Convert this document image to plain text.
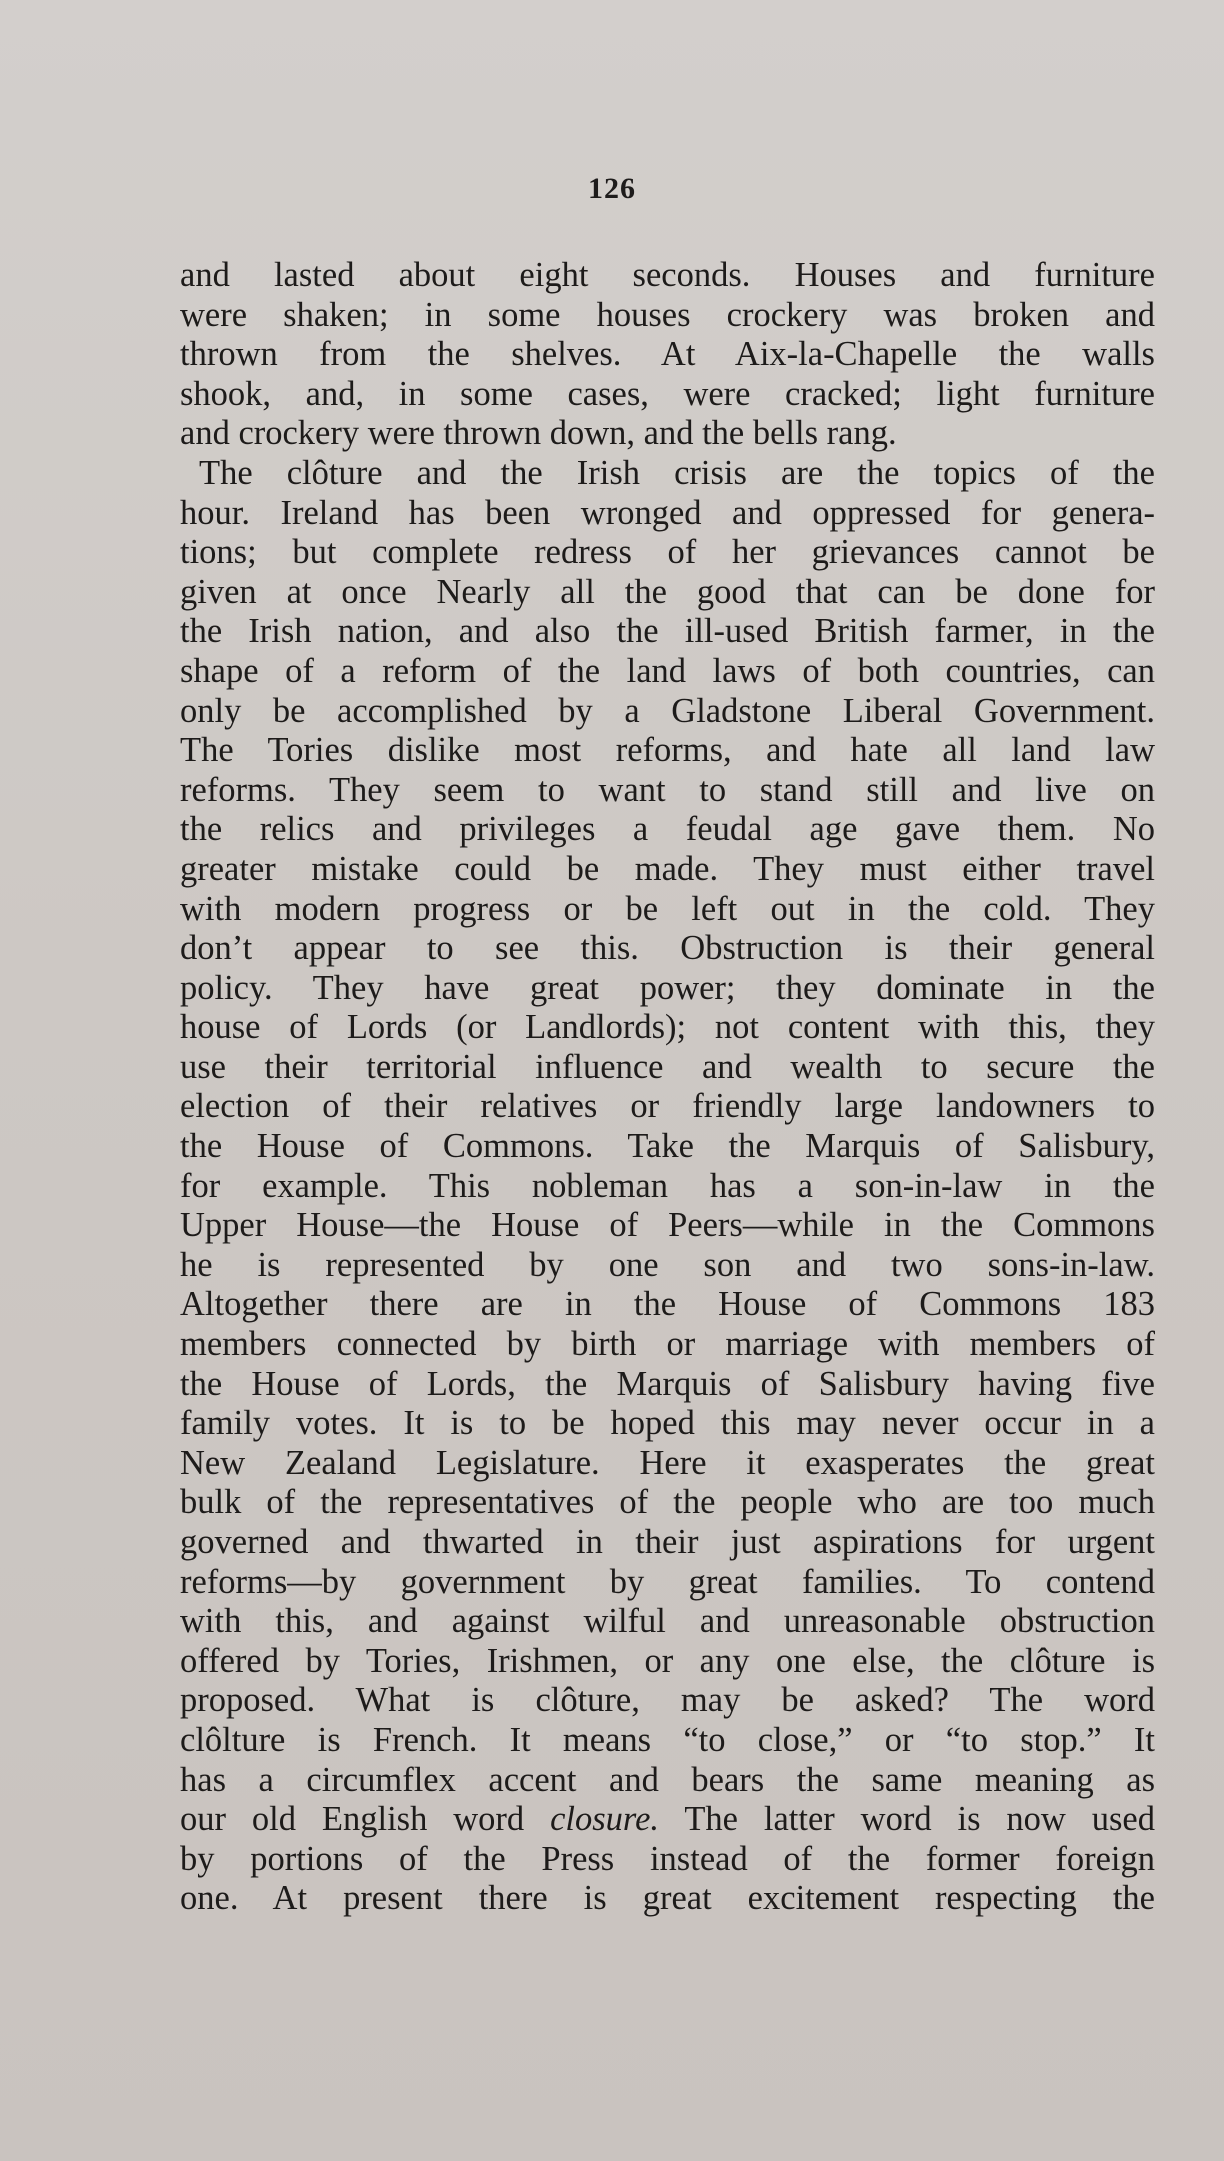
126
and lasted about eight seconds. Houses and furniture
were shaken; in some houses crockery was broken and
thrown from the shelves. At Aix-la-Chapelle the walls
shook, and, in some cases, were cracked; light furniture
and crockery were thrown down, and the bells rang.
The clôture and the Irish crisis are the topics of the
hour. Ireland has been wronged and oppressed for genera-
tions; but complete redress of her grievances cannot be
given at once Nearly all the good that can be done for
the Irish nation, and also the ill-used British farmer, in the
shape of a reform of the land laws of both countries, can
only be accomplished by a Gladstone Liberal Government.
The Tories dislike most reforms, and hate all land law
reforms. They seem to want to stand still and live on
the relics and privileges a feudal age gave them. No
greater mistake could be made. They must either travel
with modern progress or be left out in the cold. They
don’t appear to see this. Obstruction is their general
policy. They have great power; they dominate in the
house of Lords (or Landlords); not content with this, they
use their territorial influence and wealth to secure the
election of their relatives or friendly large landowners to
the House of Commons. Take the Marquis of Salisbury,
for example. This nobleman has a son-in-law in the
Upper House—the House of Peers—while in the Commons
he is represented by one son and two sons-in-law.
Altogether there are in the House of Commons 183
members connected by birth or marriage with members of
the House of Lords, the Marquis of Salisbury having five
family votes. It is to be hoped this may never occur in a
New Zealand Legislature. Here it exasperates the great
bulk of the representatives of the people who are too much
governed and thwarted in their just aspirations for urgent
reforms—by government by great families. To contend
with this, and against wilful and unreasonable obstruction
offered by Tories, Irishmen, or any one else, the clôture is
proposed. What is clôture, may be asked? The word
clôlture is French. It means “to close,” or “to stop.” It
has a circumflex accent and bears the same meaning as
our old English word closure. The latter word is now used
by portions of the Press instead of the former foreign
one. At present there is great excitement respecting the
